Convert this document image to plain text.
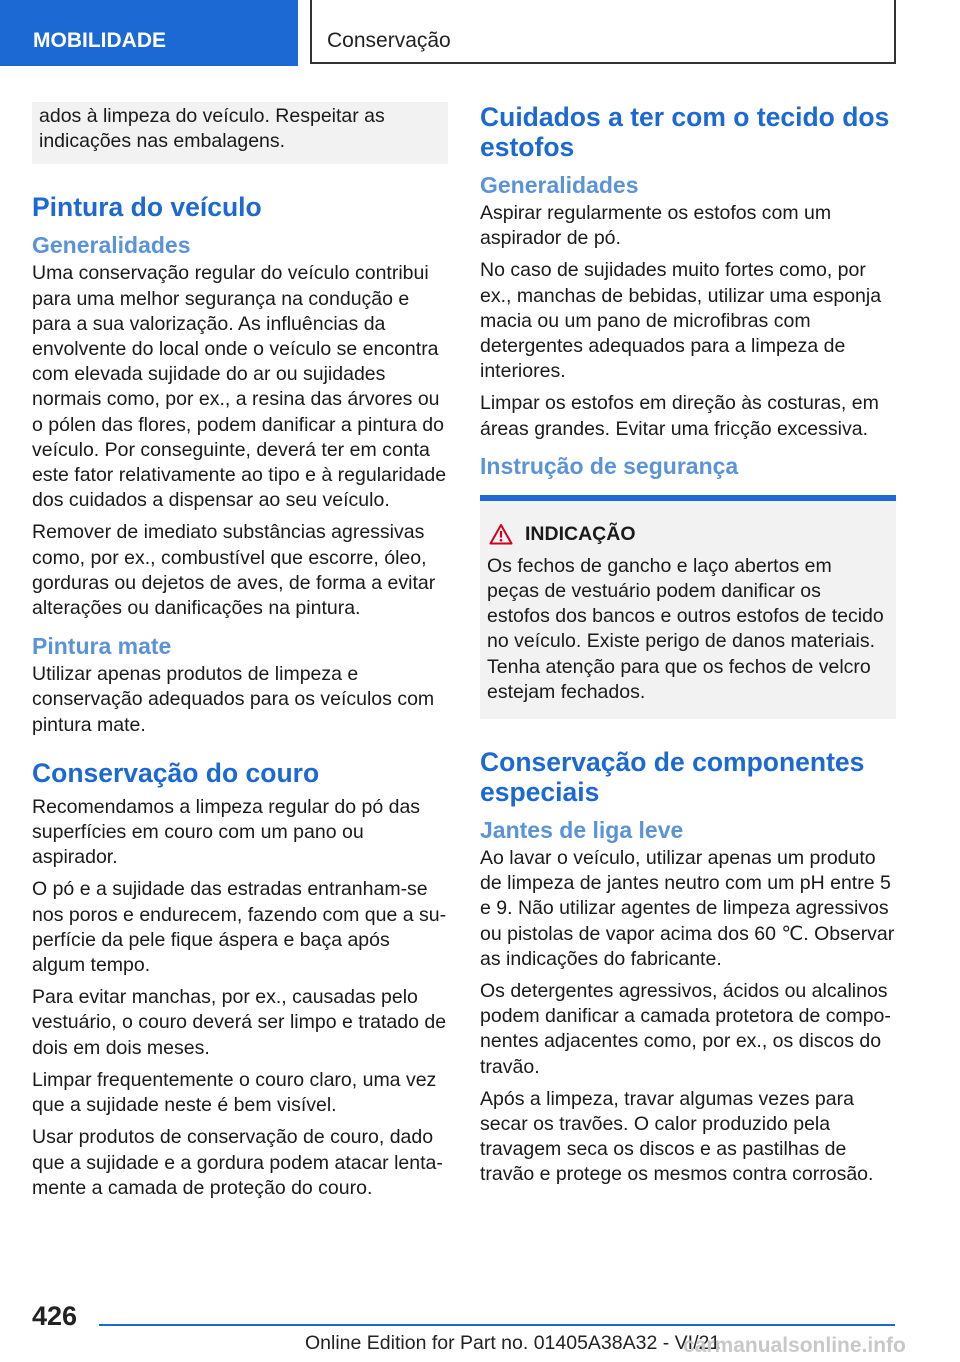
MOBILIDADE	Conservação

ados à limpeza do veículo. Respeitar as indicações nas embalagens.

Pintura do veículo
Generalidades

Uma conservação regular do veículo contribui para uma melhor segurança na condução e para a sua valorização. As influências da envolvente do local onde o veículo se encontra com elevada sujidade do ar ou sujidades normais como, por ex., a resina das árvores ou o pólen das flores, podem danificar a pintura do veículo. Por conseguinte, deverá ter em conta este fator relativamente ao tipo e à regularidade dos cuidados a dispensar ao seu veículo.

Remover de imediato substâncias agressivas como, por ex., combustível que escorre, óleo, gorduras ou dejetos de aves, de forma a evitar alterações ou danificações na pintura.

Pintura mate

Utilizar apenas produtos de limpeza e conservação adequados para os veículos com pintura mate.

Conservação do couro

Recomendamos a limpeza regular do pó das superfícies em couro com um pano ou aspirador.

O pó e a sujidade das estradas entranham-se nos poros e endurecem, fazendo com que a superfície da pele fique áspera e baça após algum tempo.

Para evitar manchas, por ex., causadas pelo vestuário, o couro deverá ser limpo e tratado de dois em dois meses.

Limpar frequentemente o couro claro, uma vez que a sujidade neste é bem visível.

Usar produtos de conservação de couro, dado que a sujidade e a gordura podem atacar lentamente a camada de proteção do couro.

Cuidados a ter com o tecido dos estofos
Generalidades

Aspirar regularmente os estofos com um aspirador de pó.

No caso de sujidades muito fortes como, por ex., manchas de bebidas, utilizar uma esponja macia ou um pano de microfibras com detergentes adequados para a limpeza de interiores.

Limpar os estofos em direção às costuras, em áreas grandes. Evitar uma fricção excessiva.

Instrução de segurança
INDICAÇÃO

Os fechos de gancho e laço abertos em peças de vestuário podem danificar os estofos dos bancos e outros estofos de tecido no veículo. Existe perigo de danos materiais. Tenha atenção para que os fechos de velcro estejam fechados.

Conservação de componentes especiais
Jantes de liga leve

Ao lavar o veículo, utilizar apenas um produto de limpeza de jantes neutro com um pH entre 5 e 9. Não utilizar agentes de limpeza agressivos ou pistolas de vapor acima dos 60 ℃. Observar as indicações do fabricante.

Os detergentes agressivos, ácidos ou alcalinos podem danificar a camada protetora de componentes adjacentes como, por ex., os discos do travão.

Após a limpeza, travar algumas vezes para secar os travões. O calor produzido pela travagem seca os discos e as pastilhas de travão e protege os mesmos contra corrosão.

426
Online Edition for Part no. 01405A38A32 - VI/21
carmanualsonline.info
